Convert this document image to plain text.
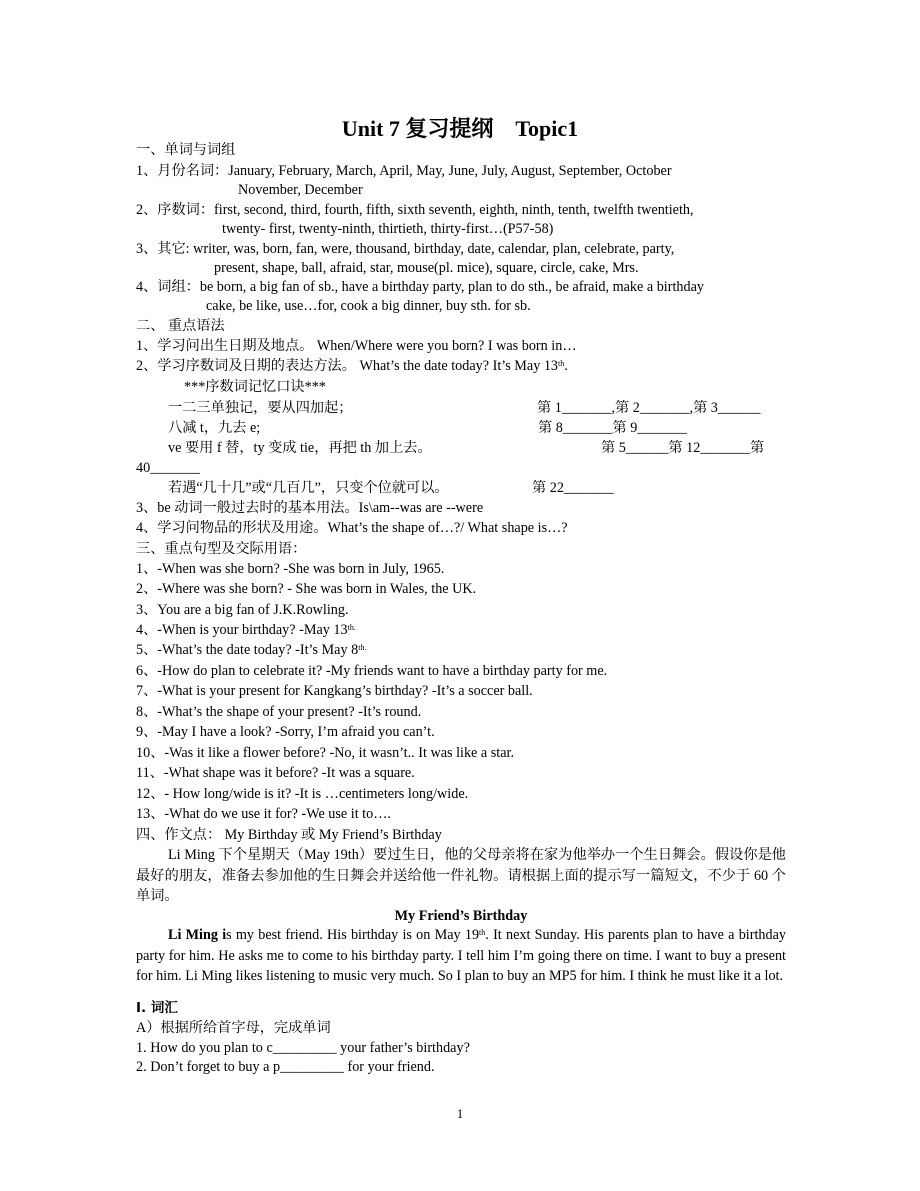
Unit 7 复习提纲    Topic1
一、单词与词组
1、月份名词：January, February, March, April, May, June, July, August, September, October
November, December
2、序数词：first, second, third, fourth, fifth, sixth seventh, eighth, ninth, tenth, twelfth twentieth,
twenty- first, twenty-ninth, thirtieth, thirty-first…(P57-58)
3、其它: writer, was, born, fan, were, thousand, birthday, date, calendar, plan, celebrate, party,
present, shape, ball, afraid, star, mouse(pl. mice), square, circle, cake, Mrs.
4、词组：be born, a big fan of sb., have a birthday party, plan to do sth., be afraid, make a birthday
cake, be like, use…for, cook a big dinner, buy sth. for sb.
二、 重点语法
1、学习问出生日期及地点。 When/Where were you born? I was born in…
2、学习序数词及日期的表达方法。 What’s the date today? It’s May 13th.
***序数词记忆口诀***
一二三单独记，要从四加起；	第 1_______,第 2_______,第 3______
八减 t，九去 e;	第 8_______第 9_______
ve 要用 f 替，ty 变成 tie，再把 th 加上去。	第 5______第 12_______第
40_______
若遇“几十几”或“几百几”，只变个位就可以。	第 22_______
3、be 动词一般过去时的基本用法。Is\am--was are --were
4、学习问物品的形状及用途。What’s the shape of…?/ What shape is…?
三、重点句型及交际用语：
1、-When was she born? -She was born in July, 1965.
2、-Where was she born? - She was born in Wales, the UK.
3、You are a big fan of J.K.Rowling.
4、-When is your birthday? -May $13^{th.}$
5、-What’s the date today? -It’s May $8^{th.}$
6、-How do plan to celebrate it? -My friends want to have a birthday party for me.
7、-What is your present for Kangkang’s birthday? -It’s a soccer ball.
8、-What’s the shape of your present? -It’s round.
9、-May I have a look? -Sorry, I’m afraid you can’t.
10、-Was it like a flower before? -No, it wasn’t.. It was like a star.
11、-What shape was it before? -It was a square.
12、- How long/wide is it? -It is …centimeters long/wide.
13、-What do we use it for? -We use it to….
四、作文点： My Birthday 或 My Friend’s Birthday
Li Ming 下个星期天（May 19th）要过生日，他的父母亲将在家为他举办一个生日舞会。假设你是他最好的朋友，准备去参加他的生日舞会并送给他一件礼物。请根据上面的提示写一篇短文，不少于 60 个单词。
My Friend’s Birthday
Li Ming is my best friend. His birthday is on May 19th. It next Sunday. His parents plan to have a birthday party for him. He asks me to come to his birthday party. I tell him I’m going there on time. I want to buy a present for him. Li Ming likes listening to music very much. So I plan to buy an MP5 for him. I think he must like it a lot.
Ⅰ. 词汇
A）根据所给首字母，完成单词
1. How do you plan to c_________ your father’s birthday?
2. Don’t forget to buy a p_________ for your friend.
1
